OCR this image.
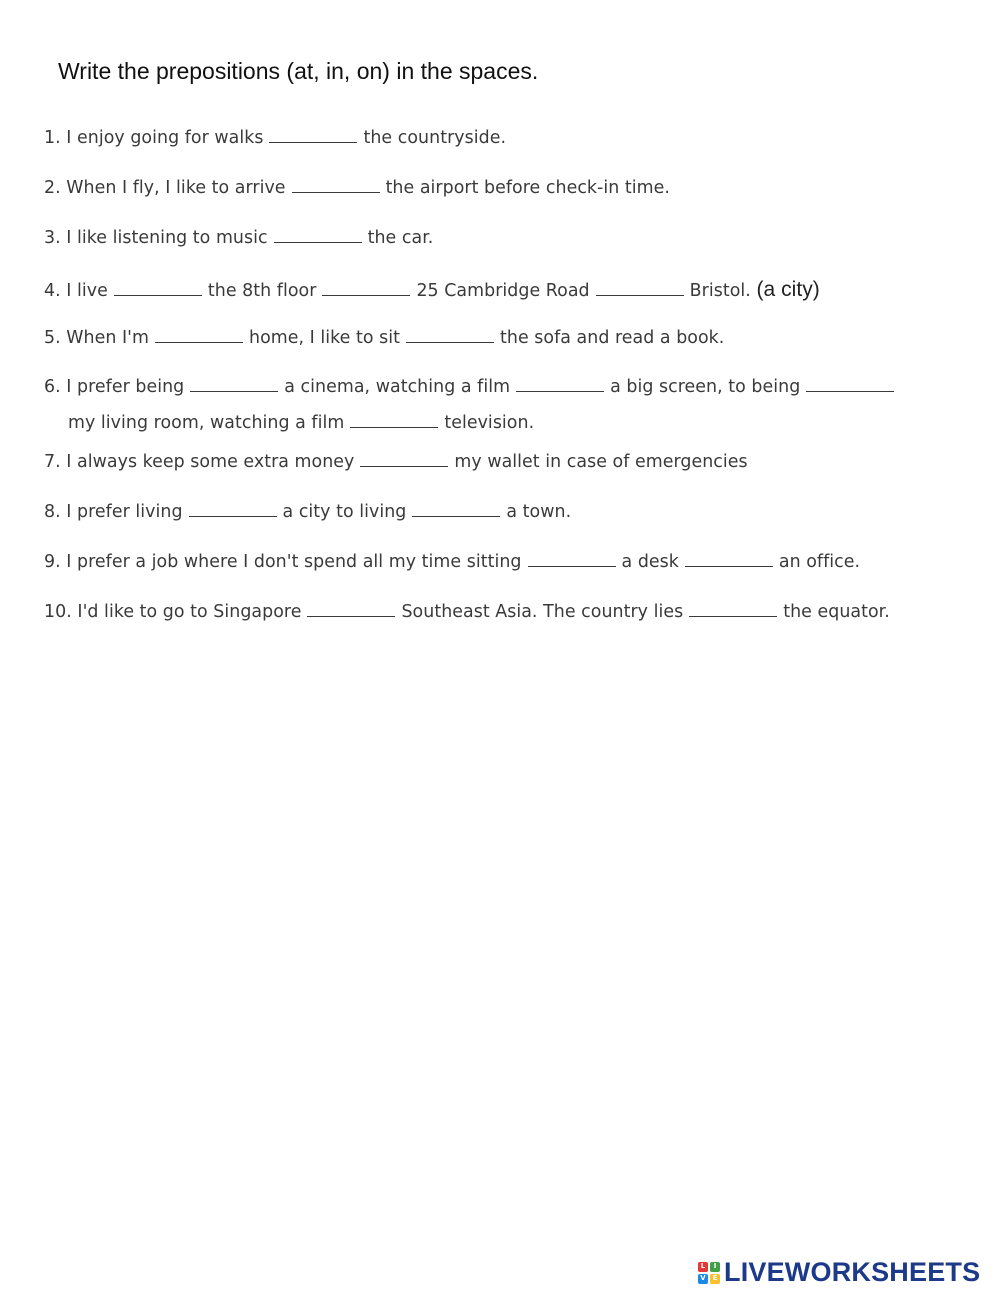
Write the prepositions (at, in, on) in the spaces.
1. I enjoy going for walks	the countryside.
2. When I fly, I like to arrive	the airport before check-in time.
3. I like listening to music	the car.
4. I live	the 8th floor	25 Cambridge Road	Bristol. (a city)
5. When I'm	home, I like to sit	the sofa and read a book.
6. I prefer being	a cinema, watching a film	a big screen, to being
my living room, watching a film	television.
7. I always keep some extra money	my wallet in case of emergencies
8. I prefer living	a city to living	a town.
9. I prefer a job where I don't spend all my time sitting	a desk	an office.
10. I'd like to go to Singapore	Southeast Asia. The country lies	the equator.
L	I
V E LIVEWORKSHEETS
